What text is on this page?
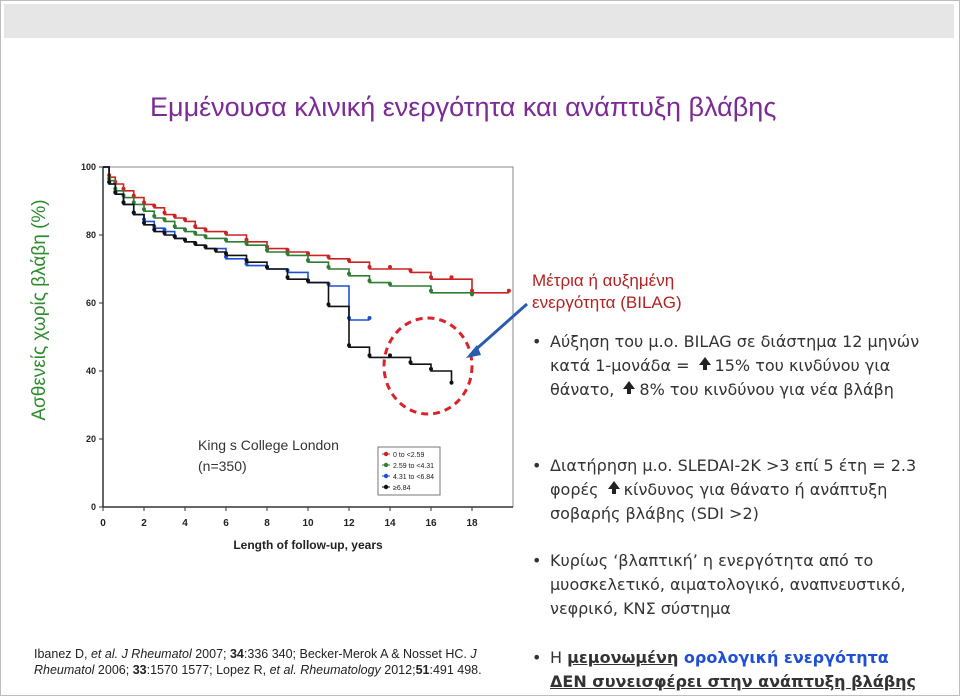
Εμμένουσα κλινική ενεργότητα και ανάπτυξη βλάβης
Ασθενείς χωρίς βλάβη (%)
King s College London
(n=350)
0
20
40
60
80
100
0	2	4	6	8	10	12	14	16	18
Length of follow-up, years
0 to <2.59
2.59 to <4.31
4.31 to <6.84
≥6.84
Μέτρια ή αυξημένη
ενεργότητα (BILAG)
• Αύξηση του μ.ο. BILAG σε διάστημα 12 μηνών κατά 1-μονάδα = 15% του κινδύνου για θάνατο, 8% του κινδύνου για νέα βλάβη
• Διατήρηση μ.ο. SLEDAI-2K >3 επί 5 έτη = 2.3 φορές κίνδυνος για θάνατο ή ανάπτυξη σοβαρής βλάβης (SDI >2)
• Κυρίως ‘βλαπτική’ η ενεργότητα από το μυοσκελετικό, αιματολογικό, αναπνευστικό, νεφρικό, ΚΝΣ σύστημα
• Η μεμονωμένη ορολογική ενεργότητα
ΔΕΝ συνεισφέρει στην ανάπτυξη βλάβης
Ibanez D, et al. J Rheumatol 2007; 34:336 340; Becker-Merok A & Nosset HC. J Rheumatol 2006; 33:1570 1577; Lopez R, et al. Rheumatology 2012;51:491 498.
